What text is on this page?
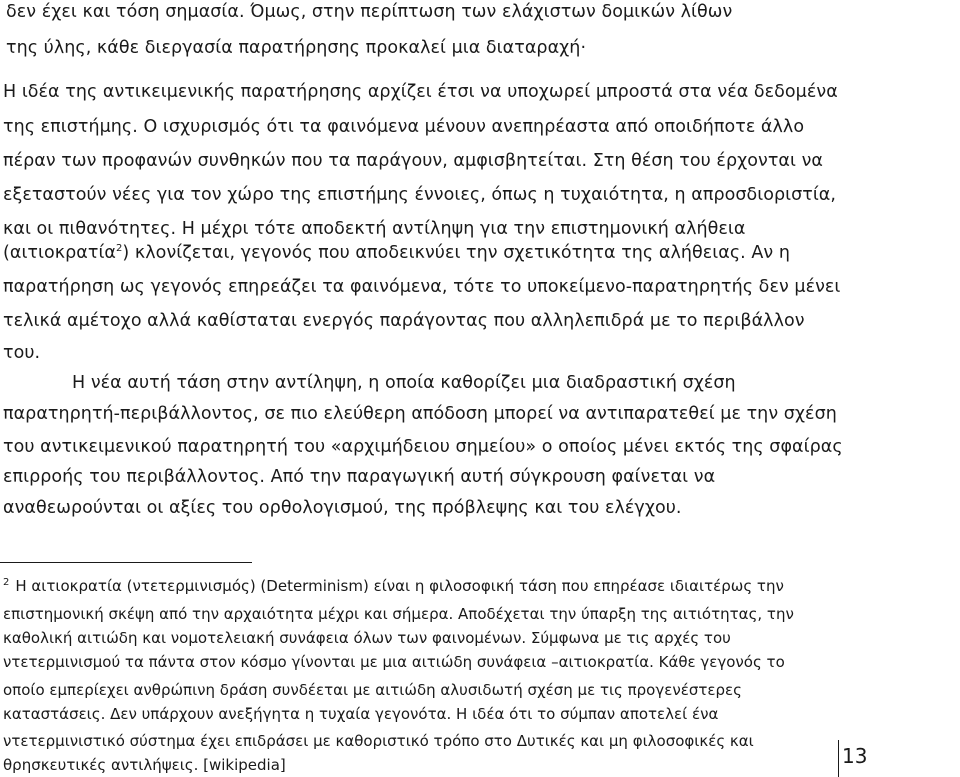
δεν έχει και τόση σημασία. Όμως, στην περίπτωση των ελάχιστων δομικών λίθων
της ύλης, κάθε διεργασία παρατήρησης προκαλεί μια διαταραχή·
Η ιδέα της αντικειμενικής παρατήρησης αρχίζει έτσι να υποχωρεί μπροστά στα νέα δεδομένα
της επιστήμης. Ο ισχυρισμός ότι τα φαινόμενα μένουν ανεπηρέαστα από οποιδήποτε άλλο
πέραν των προφανών συνθηκών που τα παράγουν, αμφισβητείται. Στη θέση του έρχονται να
εξεταστούν νέες για τον χώρο της επιστήμης έννοιες, όπως η τυχαιότητα, η απροσδιοριστία,
και οι πιθανότητες. Η μέχρι τότε αποδεκτή αντίληψη για την επιστημονική αλήθεια
(αιτιοκρατία$^2$) κλονίζεται, γεγονός που αποδεικνύει την σχετικότητα της αλήθειας. Αν η
παρατήρηση ως γεγονός επηρεάζει τα φαινόμενα, τότε το υποκείμενο-παρατηρητής δεν μένει
τελικά αμέτοχο αλλά καθίσταται ενεργός παράγοντας που αλληλεπιδρά με το περιβάλλον
του.
Η νέα αυτή τάση στην αντίληψη, η οποία καθορίζει μια διαδραστική σχέση
παρατηρητή-περιβάλλοντος, σε πιο ελεύθερη απόδοση μπορεί να αντιπαρατεθεί με την σχέση
του αντικειμενικού παρατηρητή του «αρχιμήδειου σημείου» ο οποίος μένει εκτός της σφαίρας
επιρροής του περιβάλλοντος. Από την παραγωγική αυτή σύγκρουση φαίνεται να
αναθεωρούνται οι αξίες του ορθολογισμού, της πρόβλεψης και του ελέγχου.
$^2$ Η αιτιοκρατία (ντετερμινισμός) (Determinism) είναι η φιλοσοφική τάση που επηρέασε ιδιαιτέρως την
επιστημονική σκέψη από την αρχαιότητα μέχρι και σήμερα. Αποδέχεται την ύπαρξη της αιτιότητας, την
καθολική αιτιώδη και νομοτελειακή συνάφεια όλων των φαινομένων. Σύμφωνα με τις αρχές του
ντετερμινισμού τα πάντα στον κόσμο γίνονται με μια αιτιώδη συνάφεια –αιτιοκρατία. Κάθε γεγονός το
οποίο εμπερίεχει ανθρώπινη δράση συνδέεται με αιτιώδη αλυσιδωτή σχέση με τις προγενέστερες
καταστάσεις. Δεν υπάρχουν ανεξήγητα η τυχαία γεγονότα. Η ιδέα ότι το σύμπαν αποτελεί ένα
ντετερμινιστικό σύστημα έχει επιδράσει με καθοριστικό τρόπο στο Δυτικές και μη φιλοσοφικές και
θρησκευτικές αντιλήψεις. [wikipedia]	13
